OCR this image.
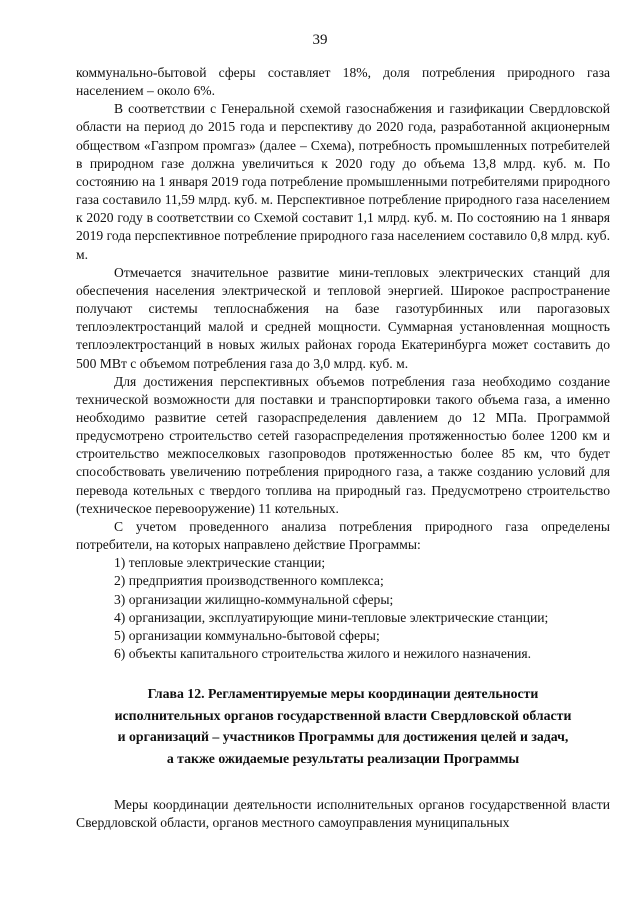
39

коммунально-бытовой сферы составляет 18%, доля потребления природного газа населением – около 6%.

В соответствии с Генеральной схемой газоснабжения и газификации Свердловской области на период до 2015 года и перспективу до 2020 года, разработанной акционерным обществом «Газпром промгаз» (далее – Схема), потребность промышленных потребителей в природном газе должна увеличиться к 2020 году до объема 13,8 млрд. куб. м. По состоянию на 1 января 2019 года потребление промышленными потребителями природного газа составило 11,59 млрд. куб. м. Перспективное потребление природного газа населением к 2020 году в соответствии со Схемой составит 1,1 млрд. куб. м. По состоянию на 1 января 2019 года перспективное потребление природного газа населением составило 0,8 млрд. куб. м.

Отмечается значительное развитие мини-тепловых электрических станций для обеспечения населения электрической и тепловой энергией. Широкое распространение получают системы теплоснабжения на базе газотурбинных или парогазовых теплоэлектростанций малой и средней мощности. Суммарная установленная мощность теплоэлектростанций в новых жилых районах города Екатеринбурга может составить до 500 МВт с объемом потребления газа до 3,0 млрд. куб. м.

Для достижения перспективных объемов потребления газа необходимо создание технической возможности для поставки и транспортировки такого объема газа, а именно необходимо развитие сетей газораспределения давлением до 12 МПа. Программой предусмотрено строительство сетей газораспределения протяженностью более 1200 км и строительство межпоселковых газопроводов протяженностью более 85 км, что будет способствовать увеличению потребления природного газа, а также созданию условий для перевода котельных с твердого топлива на природный газ. Предусмотрено строительство (техническое перевооружение) 11 котельных.

С учетом проведенного анализа потребления природного газа определены потребители, на которых направлено действие Программы:

1) тепловые электрические станции;
2) предприятия производственного комплекса;
3) организации жилищно-коммунальной сферы;
4) организации, эксплуатирующие мини-тепловые электрические станции;
5) организации коммунально-бытовой сферы;
6) объекты капитального строительства жилого и нежилого назначения.
Глава 12. Регламентируемые меры координации деятельности
исполнительных органов государственной власти Свердловской области
и организаций – участников Программы для достижения целей и задач,
а также ожидаемые результаты реализации Программы

Меры координации деятельности исполнительных органов государственной власти Свердловской области, органов местного самоуправления муниципальных
